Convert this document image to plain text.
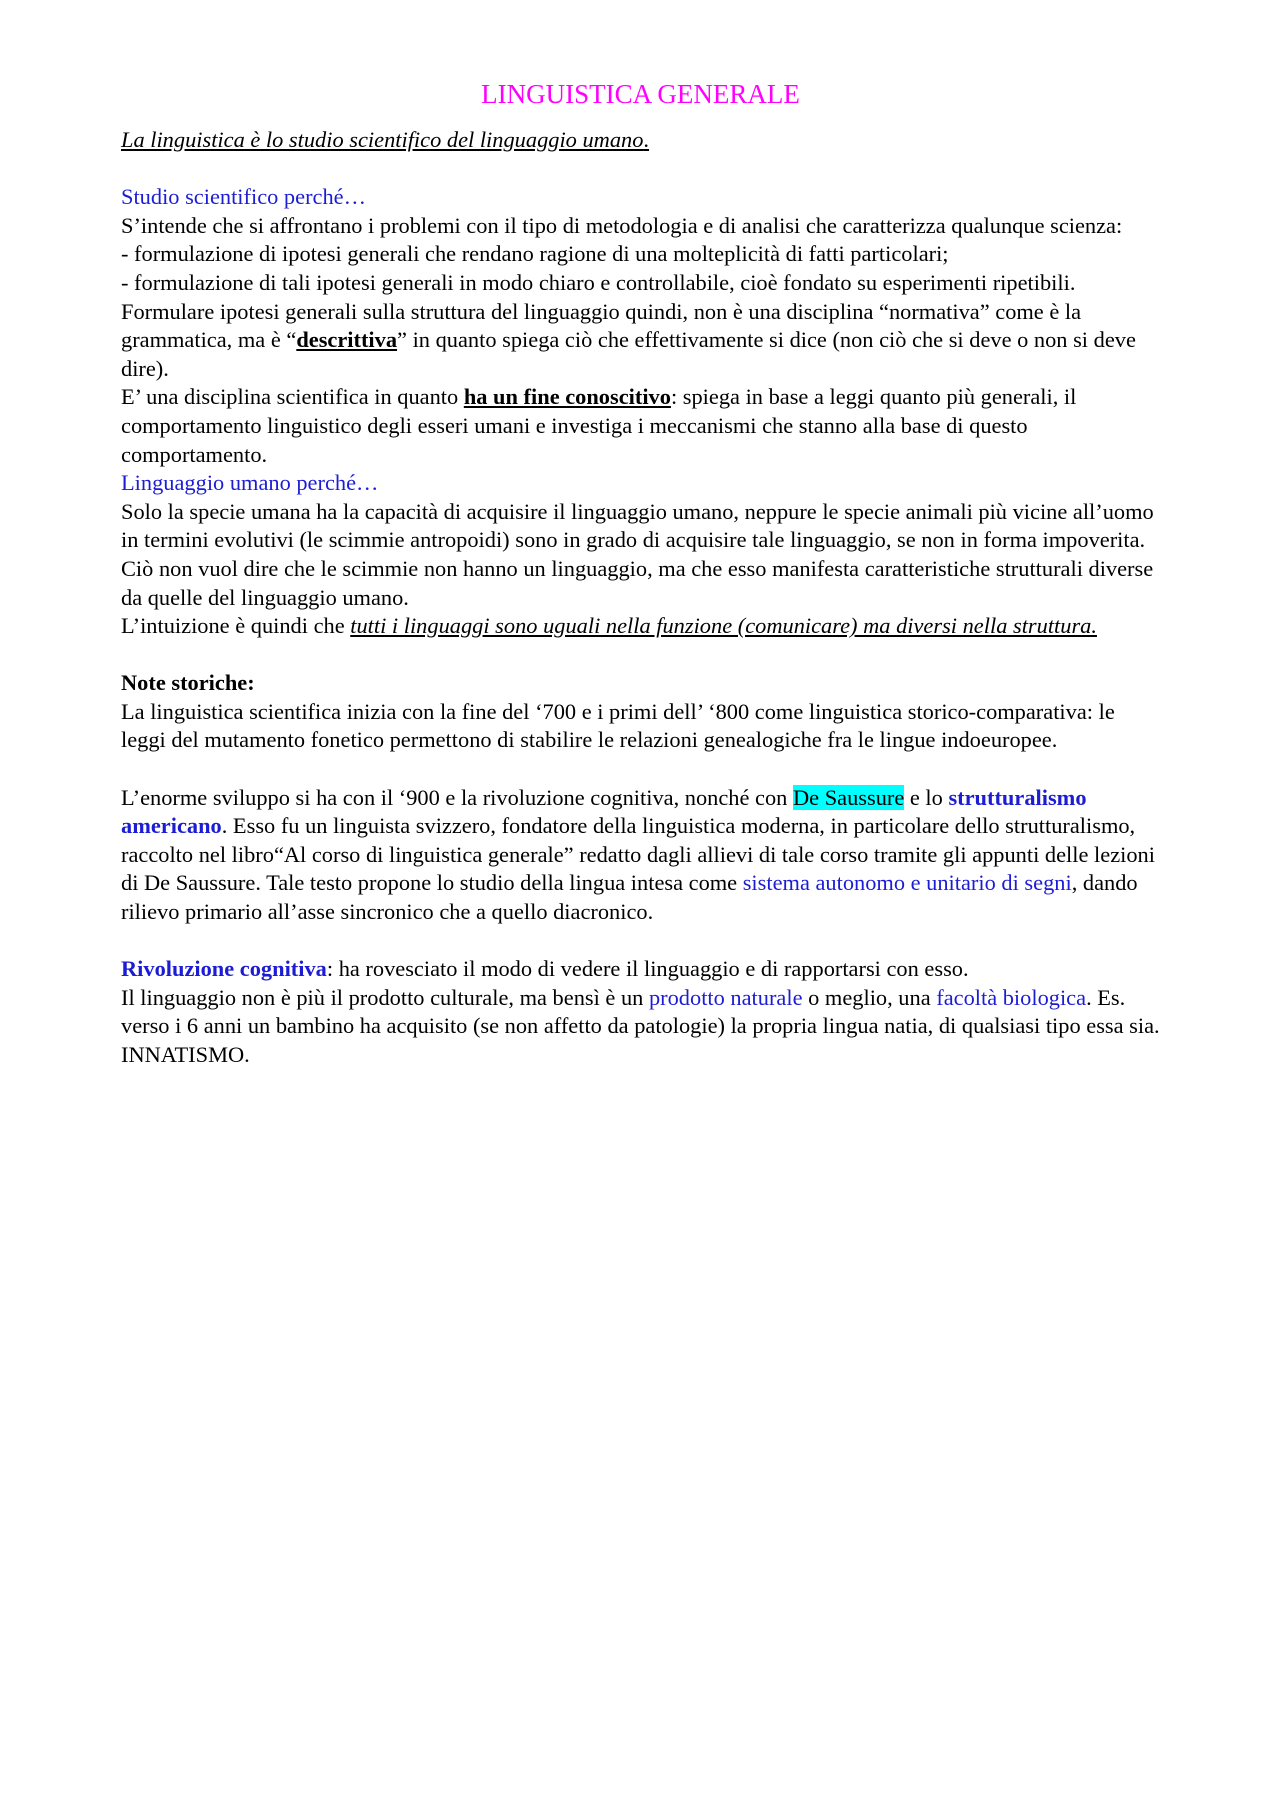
LINGUISTICA GENERALE

La linguistica è lo studio scientifico del linguaggio umano.

Studio scientifico perché…

S’intende che si affrontano i problemi con il tipo di metodologia e di analisi che caratterizza qualunque scienza:

- formulazione di ipotesi generali che rendano ragione di una molteplicità di fatti particolari;

- formulazione di tali ipotesi generali in modo chiaro e controllabile, cioè fondato su esperimenti ripetibili.

Formulare ipotesi generali sulla struttura del linguaggio quindi, non è una disciplina “normativa” come è la grammatica, ma è “descrittiva” in quanto spiega ciò che effettivamente si dice (non ciò che si deve o non si deve dire).

E’ una disciplina scientifica in quanto ha un fine conoscitivo: spiega in base a leggi quanto più generali, il comportamento linguistico degli esseri umani e investiga i meccanismi che stanno alla base di questo comportamento.

Linguaggio umano perché…

Solo la specie umana ha la capacità di acquisire il linguaggio umano, neppure le specie animali più vicine all’uomo in termini evolutivi (le scimmie antropoidi) sono in grado di acquisire tale linguaggio, se non in forma impoverita. Ciò non vuol dire che le scimmie non hanno un linguaggio, ma che esso manifesta caratteristiche strutturali diverse da quelle del linguaggio umano.

L’intuizione è quindi che tutti i linguaggi sono uguali nella funzione (comunicare) ma diversi nella struttura.

Note storiche:

La linguistica scientifica inizia con la fine del ‘700 e i primi dell’ ‘800 come linguistica storico-comparativa: le leggi del mutamento fonetico permettono di stabilire le relazioni genealogiche fra le lingue indoeuropee.

L’enorme sviluppo si ha con il ‘900 e la rivoluzione cognitiva, nonché con De Saussure e lo strutturalismo americano. Esso fu un linguista svizzero, fondatore della linguistica moderna, in particolare dello strutturalismo, raccolto nel libro“Al corso di linguistica generale” redatto dagli allievi di tale corso tramite gli appunti delle lezioni di De Saussure. Tale testo propone lo studio della lingua intesa come sistema autonomo e unitario di segni, dando rilievo primario all’asse sincronico che a quello diacronico.

Rivoluzione cognitiva: ha rovesciato il modo di vedere il linguaggio e di rapportarsi con esso.

Il linguaggio non è più il prodotto culturale, ma bensì è un prodotto naturale o meglio, una facoltà biologica. Es. verso i 6 anni un bambino ha acquisito (se non affetto da patologie) la propria lingua natia, di qualsiasi tipo essa sia. INNATISMO.
